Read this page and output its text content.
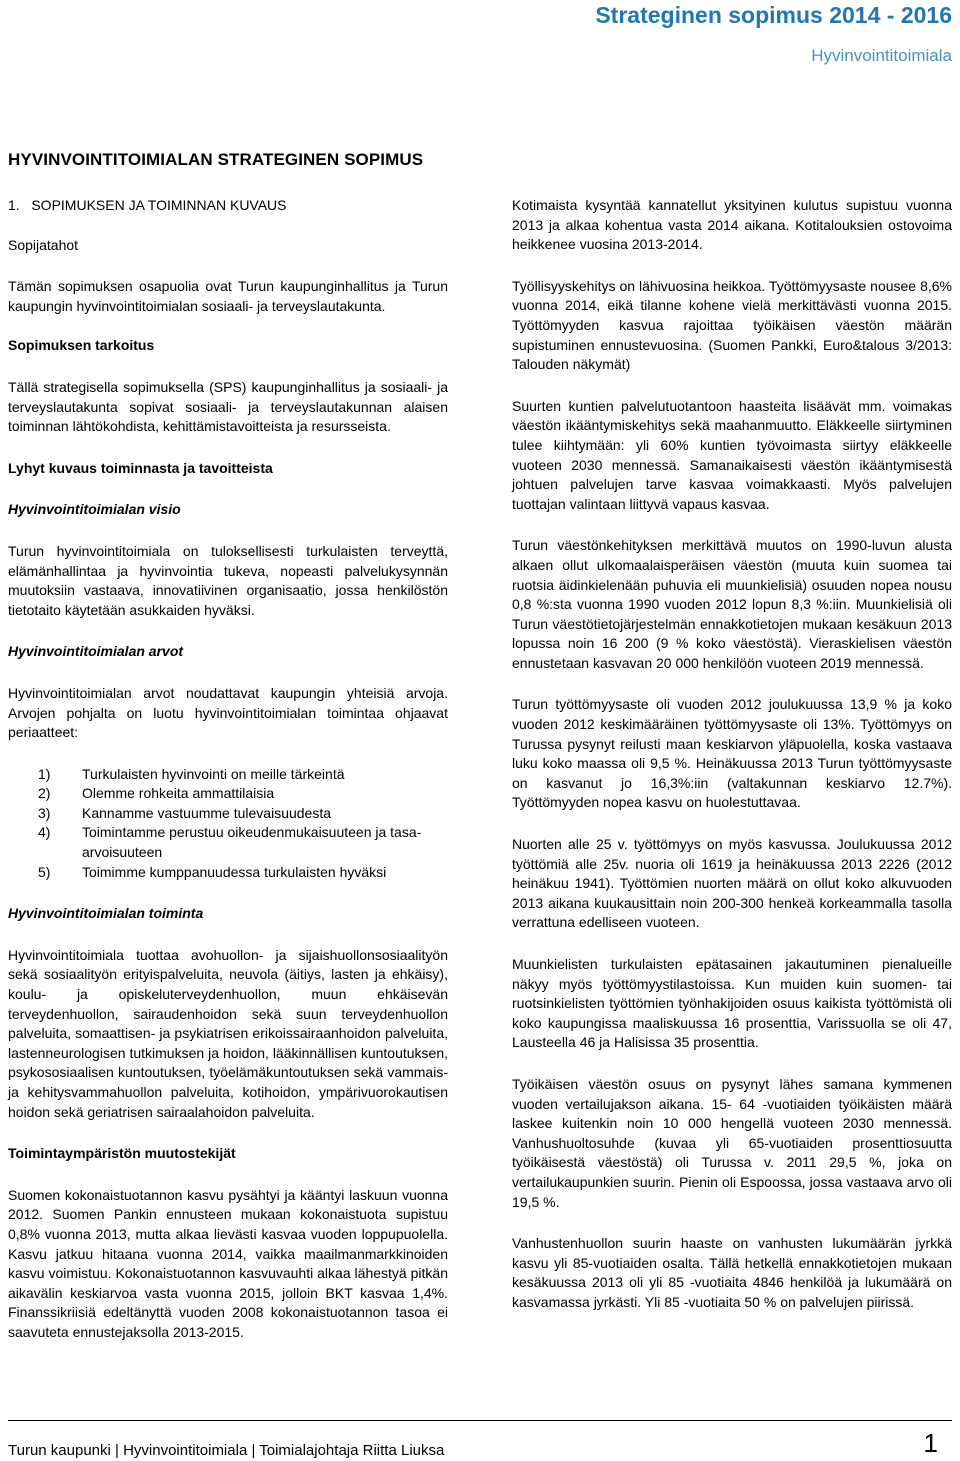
Strateginen sopimus 2014 - 2016
Hyvinvointitoimiala
HYVINVOINTITOIMIALAN STRATEGINEN SOPIMUS

1.   SOPIMUKSEN JA TOIMINNAN KUVAUS

Sopijatahot

Tämän sopimuksen osapuolia ovat Turun kaupunginhallitus ja Turun kaupungin hyvinvointitoimialan sosiaali- ja terveyslautakunta.

Sopimuksen tarkoitus

Tällä strategisella sopimuksella (SPS) kaupunginhallitus ja sosiaali- ja terveyslautakunta sopivat sosiaali- ja terveyslautakunnan alaisen toiminnan lähtökohdista, kehittämistavoitteista ja resursseista.

Lyhyt kuvaus toiminnasta ja tavoitteista

Hyvinvointitoimialan visio

Turun hyvinvointitoimiala on tuloksellisesti turkulaisten terveyttä, elämänhallintaa ja hyvinvointia tukeva, nopeasti palvelukysynnän muutoksiin vastaava, innovatiivinen organisaatio, jossa henkilöstön tietotaito käytetään asukkaiden hyväksi.

Hyvinvointitoimialan arvot

Hyvinvointitoimialan arvot noudattavat kaupungin yhteisiä arvoja. Arvojen pohjalta on luotu hyvinvointitoimialan toimintaa ohjaavat periaatteet:

1)	Turkulaisten hyvinvointi on meille tärkeintä
2)	Olemme rohkeita ammattilaisia
3)	Kannamme vastuumme tulevaisuudesta
4)	Toimintamme perustuu oikeudenmukaisuuteen ja tasa-arvoisuuteen
5)	Toimimme kumppanuudessa turkulaisten hyväksi

Hyvinvointitoimialan toiminta

Hyvinvointitoimiala tuottaa avohuollon- ja sijaishuollonsosiaalityön sekä sosiaalityön erityispalveluita, neuvola (äitiys, lasten ja ehkäisy), koulu- ja opiskeluterveydenhuollon, muun ehkäisevän terveydenhuollon, sairaudenhoidon sekä suun terveydenhuollon palveluita, somaattisen- ja psykiatrisen erikoissairaanhoidon palveluita, lastenneurologisen tutkimuksen ja hoidon, lääkinnällisen kuntoutuksen, psykososiaalisen kuntoutuksen, työelämäkuntoutuksen sekä vammais- ja kehitysvammahuollon palveluita, kotihoidon, ympärivuorokautisen hoidon sekä geriatrisen sairaalahoidon palveluita.

Toimintaympäristön muutostekijät

Suomen kokonaistuotannon kasvu pysähtyi ja kääntyi laskuun vuonna 2012. Suomen Pankin ennusteen mukaan kokonaistuota supistuu 0,8% vuonna 2013, mutta alkaa lievästi kasvaa vuoden loppupuolella. Kasvu jatkuu hitaana vuonna 2014, vaikka maailmanmarkkinoiden kasvu voimistuu. Kokonaistuotannon kasvuvauhti alkaa lähestyä pitkän aikavälin keskiarvoa vasta vuonna 2015, jolloin BKT kasvaa 1,4%. Finanssikriisiä edeltänyttä vuoden 2008 kokonaistuotannon tasoa ei saavuteta ennustejaksolla 2013-2015.

Kotimaista kysyntää kannatellut yksityinen kulutus supistuu vuonna 2013 ja alkaa kohentua vasta 2014 aikana. Kotitalouksien ostovoima heikkenee vuosina 2013-2014.

Työllisyyskehitys on lähivuosina heikkoa. Työttömyysaste nousee 8,6% vuonna 2014, eikä tilanne kohene vielä merkittävästi vuonna 2015. Työttömyyden kasvua rajoittaa työikäisen väestön määrän supistuminen ennustevuosina. (Suomen Pankki, Euro&talous 3/2013: Talouden näkymät)

Suurten kuntien palvelutuotantoon haasteita lisäävät mm. voimakas väestön ikääntymiskehitys sekä maahanmuutto. Eläkkeelle siirtyminen tulee kiihtymään: yli 60% kuntien työvoimasta siirtyy eläkkeelle vuoteen 2030 mennessä. Samanaikaisesti väestön ikääntymisestä johtuen palvelujen tarve kasvaa voimakkaasti. Myös palvelujen tuottajan valintaan liittyvä vapaus kasvaa.

Turun väestönkehityksen merkittävä muutos on 1990-luvun alusta alkaen ollut ulkomaalaisperäisen väestön (muuta kuin suomea tai ruotsia äidinkielenään puhuvia eli muunkielisiä) osuuden nopea nousu 0,8 %:sta vuonna 1990 vuoden 2012 lopun 8,3 %:iin. Muunkielisiä oli Turun väestötietojärjestelmän ennakkotietojen mukaan kesäkuun 2013 lopussa noin 16 200 (9 % koko väestöstä). Vieraskielisen väestön ennustetaan kasvavan 20 000 henkilöön vuoteen 2019 mennessä.

Turun työttömyysaste oli vuoden 2012 joulukuussa 13,9 % ja koko vuoden 2012 keskimääräinen työttömyysaste oli 13%. Työttömyys on Turussa pysynyt reilusti maan keskiarvon yläpuolella, koska vastaava luku koko maassa oli 9,5 %. Heinäkuussa 2013 Turun työttömyysaste on kasvanut jo 16,3%:iin (valtakunnan keskiarvo 12.7%). Työttömyyden nopea kasvu on huolestuttavaa.

Nuorten alle 25 v. työttömyys on myös kasvussa. Joulukuussa 2012 työttömiä alle 25v. nuoria oli 1619 ja heinäkuussa 2013 2226 (2012 heinäkuu 1941). Työttömien nuorten määrä on ollut koko alkuvuoden 2013 aikana kuukausittain noin 200-300 henkeä korkeammalla tasolla verrattuna edelliseen vuoteen.

Muunkielisten turkulaisten epätasainen jakautuminen pienalueille näkyy myös työttömyystilastoissa. Kun muiden kuin suomen- tai ruotsinkielisten työttömien työnhakijoiden osuus kaikista työttömistä oli koko kaupungissa maaliskuussa 16 prosenttia, Varissuolla se oli 47, Lausteella 46 ja Halisissa 35 prosenttia.

Työikäisen väestön osuus on pysynyt lähes samana kymmenen vuoden vertailujakson aikana. 15- 64 -vuotiaiden työikäisten määrä laskee kuitenkin noin 10 000 hengellä vuoteen 2030 mennessä. Vanhushuoltosuhde (kuvaa yli 65-vuotiaiden prosenttiosuutta työikäisestä väestöstä) oli Turussa v. 2011 29,5 %, joka on vertailukaupunkien suurin. Pienin oli Espoossa, jossa vastaava arvo oli 19,5 %.

Vanhustenhuollon suurin haaste on vanhusten lukumäärän jyrkkä kasvu yli 85-vuotiaiden osalta. Tällä hetkellä ennakkotietojen mukaan kesäkuussa 2013 oli yli 85 -vuotiaita 4846 henkilöä ja lukumäärä on kasvamassa jyrkästi. Yli 85 -vuotiaita 50 % on palvelujen piirissä.

Turun kaupunki | Hyvinvointitoimiala | Toimialajohtaja Riitta Liuksa	1
